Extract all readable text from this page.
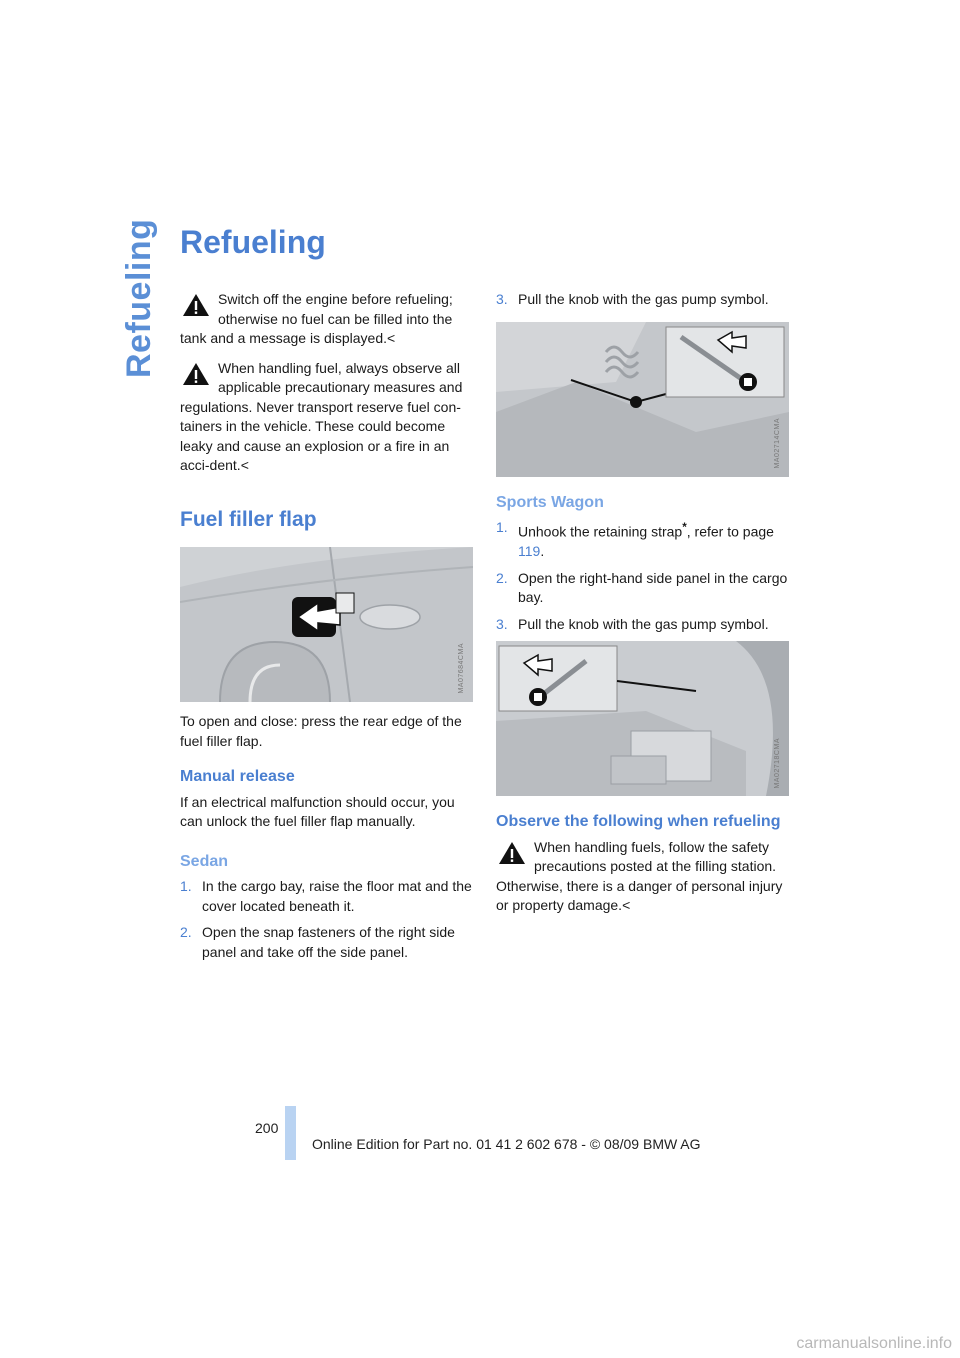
Refueling Refueling

Switch off the engine before refueling; otherwise no fuel can be filled into the tank and a message is displayed.<

When handling fuel, always observe all applicable precautionary measures and regulations. Never transport reserve fuel con-tainers in the vehicle. These could become leaky and cause an explosion or a fire in an acci-dent.<

Fuel filler flap
MA07684CMA

To open and close: press the rear edge of the fuel filler flap.

Manual release

If an electrical malfunction should occur, you can unlock the fuel filler flap manually.

Sedan
1. In the cargo bay, raise the floor mat and the cover located beneath it.
2. Open the snap fasteners of the right side panel and take off the side panel.
3. Pull the knob with the gas pump symbol.
MA02714CMA
Sports Wagon
1. Unhook the retaining strap*, refer to page 119.
2. Open the right-hand side panel in the cargo bay.
3. Pull the knob with the gas pump symbol.
MA02718CMA
Observe the following when refueling

When handling fuels, follow the safety precautions posted at the filling station. Otherwise, there is a danger of personal injury or property damage.<

200
Online Edition for Part no. 01 41 2 602 678 - © 08/09 BMW AG
carmanualsonline.info
